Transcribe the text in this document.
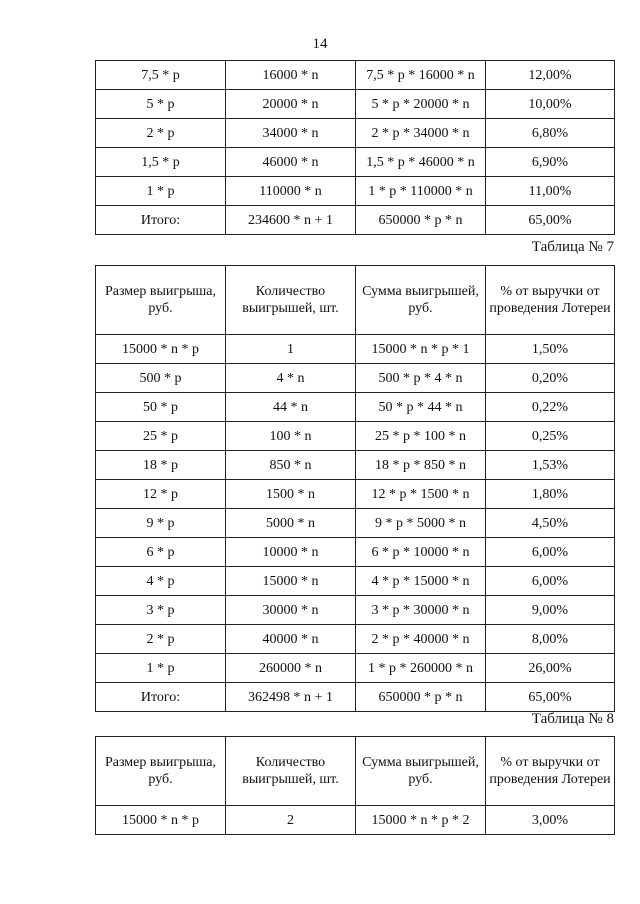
14
7,5 * p	16000 * n	7,5 * p * 16000 * n	12,00%
5 * p	20000 * n	5 * p * 20000 * n	10,00%
2 * p	34000 * n	2 * p * 34000 * n	6,80%
1,5 * p	46000 * n	1,5 * p * 46000 * n	6,90%
1 * p	110000 * n	1 * p * 110000 * n	11,00%
Итого:	234600 * n + 1	650000 * p * n	65,00%
Таблица № 7
Размер выигрыша, руб.	Количество выигрышей, шт.	Сумма выигрышей, руб.	% от выручки от проведения Лотереи
15000 * n * p	1	15000 * n * p * 1	1,50%
500 * p	4 * n	500 * p * 4 * n	0,20%
50 * p	44 * n	50 * p * 44 * n	0,22%
25 * p	100 * n	25 * p * 100 * n	0,25%
18 * p	850 * n	18 * p * 850 * n	1,53%
12 * p	1500 * n	12 * p * 1500 * n	1,80%
9 * p	5000 * n	9 * p * 5000 * n	4,50%
6 * p	10000 * n	6 * p * 10000 * n	6,00%
4 * p	15000 * n	4 * p * 15000 * n	6,00%
3 * p	30000 * n	3 * p * 30000 * n	9,00%
2 * p	40000 * n	2 * p * 40000 * n	8,00%
1 * p	260000 * n	1 * p * 260000 * n	26,00%
Итого:	362498 * n + 1	650000 * p * n	65,00%
Таблица № 8
Размер выигрыша, руб.	Количество выигрышей, шт.	Сумма выигрышей, руб.	% от выручки от проведения Лотереи
15000 * n * p	2	15000 * n * p * 2	3,00%
